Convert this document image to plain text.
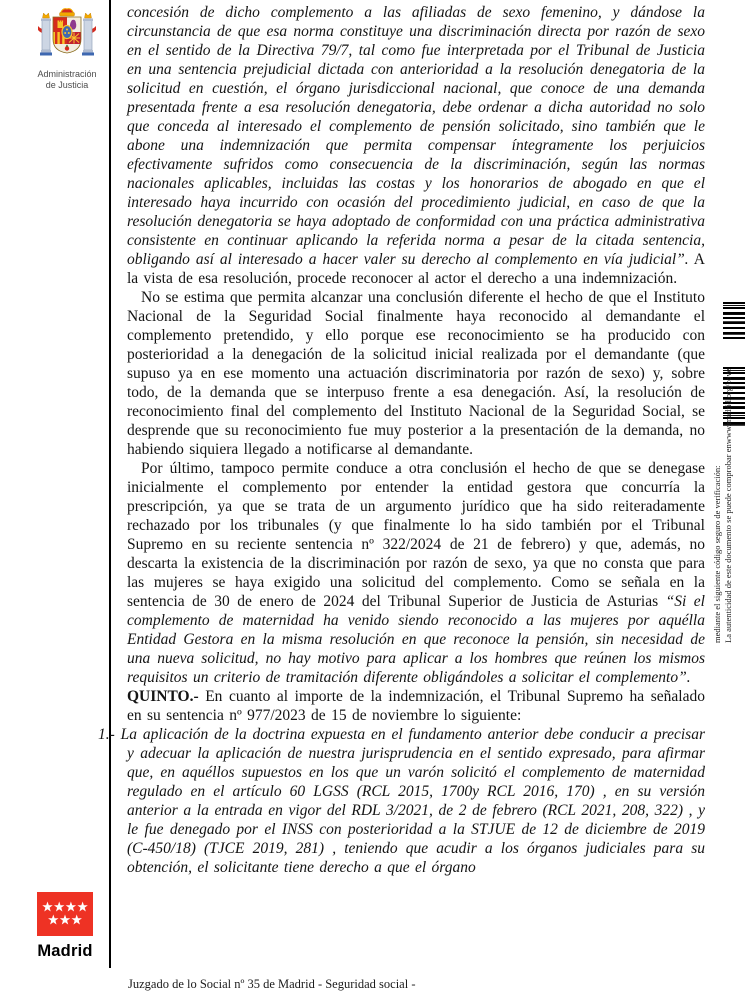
Administración
de Justicia

concesión de dicho complemento a las afiliadas de sexo femenino, y dándose la circunstancia de que esa norma constituye una discriminación directa por razón de sexo en el sentido de la Directiva 79/7, tal como fue interpretada por el Tribunal de Justicia en una sentencia prejudicial dictada con anterioridad a la resolución denegatoria de la solicitud en cuestión, el órgano jurisdiccional nacional, que conoce de una demanda presentada frente a esa resolución denegatoria, debe ordenar a dicha autoridad no solo que conceda al interesado el complemento de pensión solicitado, sino también que le abone una indemnización que permita compensar íntegramente los perjuicios efectivamente sufridos como consecuencia de la discriminación, según las normas nacionales aplicables, incluidas las costas y los honorarios de abogado en que el interesado haya incurrido con ocasión del procedimiento judicial, en caso de que la resolución denegatoria se haya adoptado de conformidad con una práctica administrativa consistente en continuar aplicando la referida norma a pesar de la citada sentencia, obligando así al interesado a hacer valer su derecho al complemento en vía judicial”. A la vista de esa resolución, procede reconocer al actor el derecho a una indemnización.

No se estima que permita alcanzar una conclusión diferente el hecho de que el Instituto Nacional de la Seguridad Social finalmente haya reconocido al demandante el complemento pretendido, y ello porque ese reconocimiento se ha producido con posterioridad a la denegación de la solicitud inicial realizada por el demandante (que supuso ya en ese momento una actuación discriminatoria por razón de sexo) y, sobre todo, de la demanda que se interpuso frente a esa denegación. Así, la resolución de reconocimiento final del complemento del Instituto Nacional de la Seguridad Social, se desprende que su reconocimiento fue muy posterior a la presentación de la demanda, no habiendo siquiera llegado a notificarse al demandante.

Por último, tampoco permite conduce a otra conclusión el hecho de que se denegase inicialmente el complemento por entender la entidad gestora que concurría la prescripción, ya que se trata de un argumento jurídico que ha sido reiteradamente rechazado por los tribunales (y que finalmente lo ha sido también por el Tribunal Supremo en su reciente sentencia nº 322/2024 de 21 de febrero) y que, además, no descarta la existencia de la discriminación por razón de sexo, ya que no consta que para las mujeres se haya exigido una solicitud del complemento. Como se señala en la sentencia de 30 de enero de 2024 del Tribunal Superior de Justicia de Asturias “Si el complemento de maternidad ha venido siendo reconocido a las mujeres por aquélla Entidad Gestora en la misma resolución en que reconoce la pensión, sin necesidad de una nueva solicitud, no hay motivo para aplicar a los hombres que reúnen los mismos requisitos un criterio de tramitación diferente obligándoles a solicitar el complemento”.

QUINTO.- En cuanto al importe de la indemnización, el Tribunal Supremo ha señalado en su sentencia nº 977/2023 de 15 de noviembre lo siguiente:

1.- La aplicación de la doctrina expuesta en el fundamento anterior debe conducir a precisar y adecuar la aplicación de nuestra jurisprudencia en el sentido expresado, para afirmar que, en aquéllos supuestos en los que un varón solicitó el complemento de maternidad regulado en el artículo 60 LGSS (RCL 2015, 1700y RCL 2016, 170) , en su versión anterior a la entrada en vigor del RDL 3/2021, de 2 de febrero (RCL 2021, 208, 322) , y le fue denegado por el INSS con posterioridad a la STJUE de 12 de diciembre de 2019 (C-450/18) (TJCE 2019, 281) , teniendo que acudir a los órganos judiciales para su obtención, el solicitante tiene derecho a que el órgano

La autenticidad de este documento se puede comprobar en
www.madrid.org/cove
mediante el siguiente código seguro de verificación:
Madrid
Juzgado de lo Social nº 35 de Madrid - Seguridad social -
